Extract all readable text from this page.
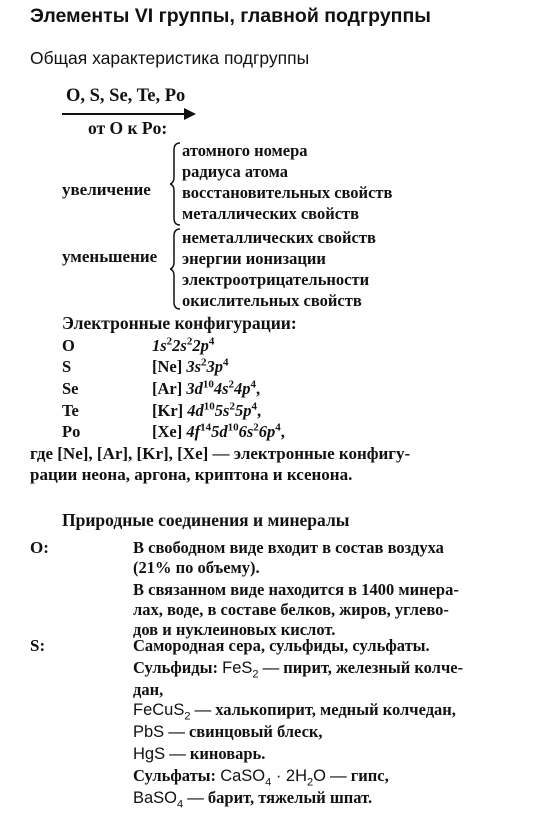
Элементы VI группы, главной подгруппы
Общая характеристика подгруппы
O, S, Se, Te, Po
от O к Po:
увеличение
атомного номера
радиуса атома
восстановительных свойств
металлических свойств
уменьшение
неметаллических свойств
энергии ионизации
электроотрицательности
окислительных свойств
Электронные конфигурации:
O	$1s^22s^22p^4$
S	[Ne] $3s^23p^4$
Se	[Ar] $3d^{10}4s^24p^4$,
Te	[Kr] $4d^{10}5s^25p^4$,
Po	[Xe] $4f^{14}5d^{10}6s^26p^4$,
где [Ne], [Ar], [Kr], [Xe] — электронные конфигу-
рации неона, аргона, криптона и ксенона.
Природные соединения и минералы
O:	В свободном виде входит в состав воздуха
(21% по объему).
В связанном виде находится в 1400 минера-
лах, воде, в составе белков, жиров, углево-
дов и нуклеиновых кислот.
S:	Самородная сера, сульфиды, сульфаты.
Сульфиды: FeS$_2$ — пирит, железный колче-
дан,
FeCuS$_2$ — халькопирит, медный колчедан,
PbS — свинцовый блеск,
HgS — киноварь.
Сульфаты: CaSO$_4$ · $2H_2O$ — гипс,
BaSO$_4$ — барит, тяжелый шпат.
